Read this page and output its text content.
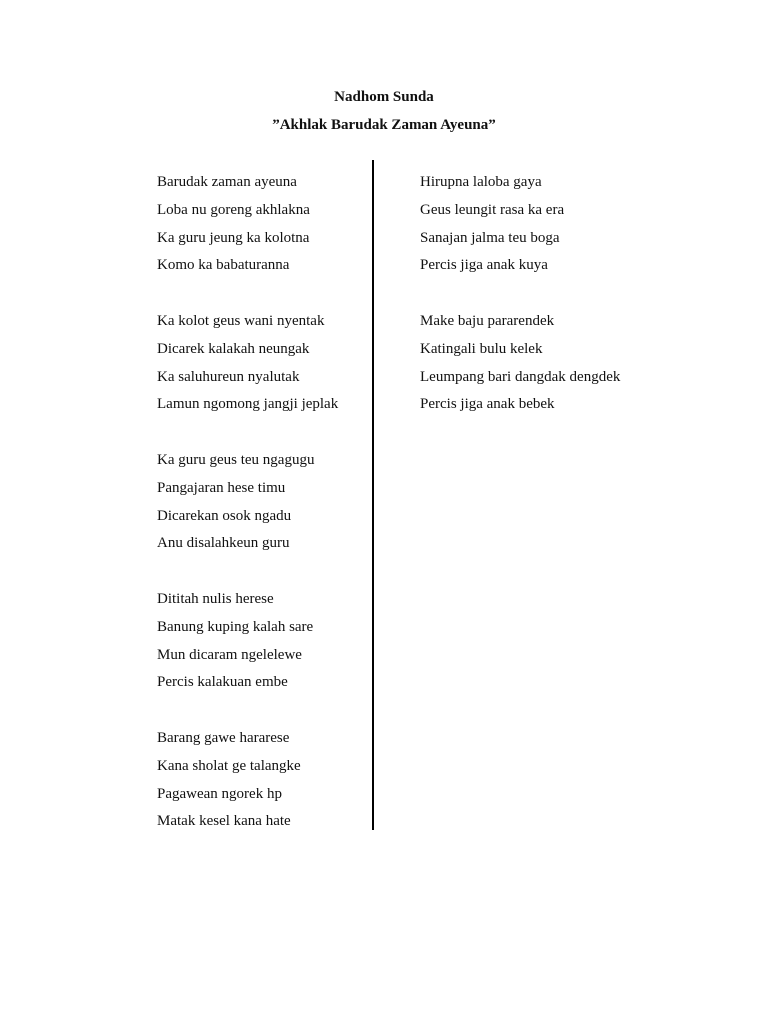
Nadhom Sunda
”Akhlak Barudak Zaman Ayeuna”
Barudak zaman ayeuna
Loba nu goreng akhlakna
Ka guru jeung ka kolotna
Komo ka babaturanna
Ka kolot geus wani nyentak
Dicarek kalakah neungak
Ka saluhureun nyalutak
Lamun ngomong jangji jeplak
Ka guru geus teu ngagugu
Pangajaran hese timu
Dicarekan osok ngadu
Anu disalahkeun guru
Dititah nulis herese
Banung kuping kalah sare
Mun dicaram ngelelewe
Percis kalakuan embe
Barang gawe hararese
Kana sholat ge talangke
Pagawean ngorek hp
Matak kesel kana hate
Hirupna laloba gaya
Geus leungit rasa ka era
Sanajan jalma teu boga
Percis jiga anak kuya
Make baju pararendek
Katingali bulu kelek
Leumpang bari dangdak dengdek
Percis jiga anak bebek
